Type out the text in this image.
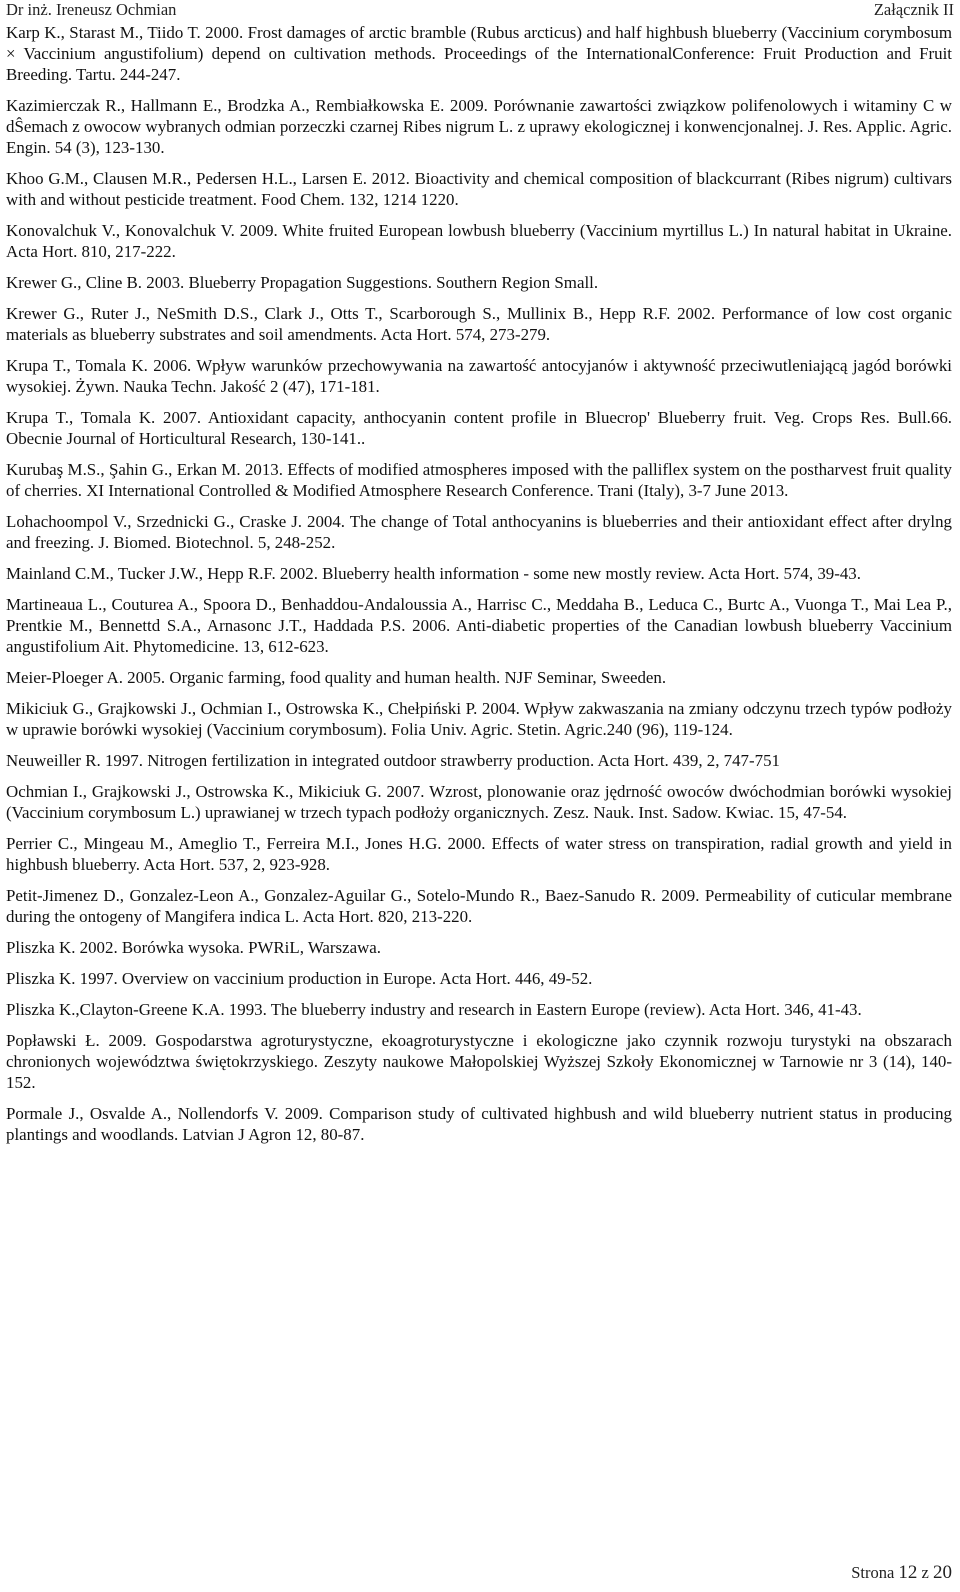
Dr inż. Ireneusz Ochmian	Załącznik II

Karp K., Starast M., Tiido T. 2000. Frost damages of arctic bramble (Rubus arcticus) and half highbush blueberry (Vaccinium corymbosum × Vaccinium angustifolium) depend on cultivation methods. Proceedings of the InternationalConference: Fruit Production and Fruit Breeding. Tartu. 244-247.

Kazimierczak R., Hallmann E., Brodzka A., Rembiałkowska E. 2009. Porównanie zawartości związkow polifenolowych i witaminy C w dŜemach z owocow wybranych odmian porzeczki czarnej Ribes nigrum L. z uprawy ekologicznej i konwencjonalnej. J. Res. Applic. Agric. Engin. 54 (3), 123-130.

Khoo G.M., Clausen M.R., Pedersen H.L., Larsen E. 2012. Bioactivity and chemical composition of blackcurrant (Ribes nigrum) cultivars with and without pesticide treatment. Food Chem. 132, 1214 1220.

Konovalchuk V., Konovalchuk V. 2009. White fruited European lowbush blueberry (Vaccinium myrtillus L.) In natural habitat in Ukraine. Acta Hort. 810, 217-222.

Krewer G., Cline B. 2003. Blueberry Propagation Suggestions. Southern Region Small.

Krewer G., Ruter J., NeSmith D.S., Clark J., Otts T., Scarborough S., Mullinix B., Hepp R.F. 2002. Performance of low cost organic materials as blueberry substrates and soil amendments. Acta Hort. 574, 273-279.

Krupa T., Tomala K. 2006. Wpływ warunków przechowywania na zawartość antocyjanów i aktywność przeciwutleniającą jagód borówki wysokiej. Żywn. Nauka Techn. Jakość 2 (47), 171-181.

Krupa T., Tomala K. 2007. Antioxidant capacity, anthocyanin content profile in Bluecrop' Blueberry fruit. Veg. Crops Res. Bull.66. Obecnie Journal of Horticultural Research, 130-141..

Kurubaş M.S., Şahin G., Erkan M. 2013. Effects of modified atmospheres imposed with the palliflex system on the postharvest fruit quality of cherries. XI International Controlled & Modified Atmosphere Research Conference. Trani (Italy), 3-7 June 2013.

Lohachoompol V., Srzednicki G., Craske J. 2004. The change of Total anthocyanins is blueberries and their antioxidant effect after drylng and freezing. J. Biomed. Biotechnol. 5, 248-252.

Mainland C.M., Tucker J.W., Hepp R.F. 2002. Blueberry health information - some new mostly review. Acta Hort. 574, 39-43.

Martineaua L., Couturea A., Spoora D., Benhaddou-Andaloussia A., Harrisc C., Meddaha B., Leduca C., Burtc A., Vuonga T., Mai Lea P., Prentkie M., Bennettd S.A., Arnasonc J.T., Haddada P.S. 2006. Anti-diabetic properties of the Canadian lowbush blueberry Vaccinium angustifolium Ait. Phytomedicine. 13, 612-623.

Meier-Ploeger A. 2005. Organic farming, food quality and human health. NJF Seminar, Sweeden.

Mikiciuk G., Grajkowski J., Ochmian I., Ostrowska K., Chełpiński P. 2004. Wpływ zakwaszania na zmiany odczynu trzech typów podłoży w uprawie borówki wysokiej (Vaccinium corymbosum). Folia Univ. Agric. Stetin. Agric.240 (96), 119-124.

Neuweiller R. 1997. Nitrogen fertilization in integrated outdoor strawberry production. Acta Hort. 439, 2, 747-751

Ochmian I., Grajkowski J., Ostrowska K., Mikiciuk G. 2007. Wzrost, plonowanie oraz jędrność owoców dwóchodmian borówki wysokiej (Vaccinium corymbosum L.) uprawianej w trzech typach podłoży organicznych. Zesz. Nauk. Inst. Sadow. Kwiac. 15, 47-54.

Perrier C., Mingeau M., Ameglio T., Ferreira M.I., Jones H.G. 2000. Effects of water stress on transpiration, radial growth and yield in highbush blueberry. Acta Hort. 537, 2, 923-928.

Petit-Jimenez D., Gonzalez-Leon A., Gonzalez-Aguilar G., Sotelo-Mundo R., Baez-Sanudo R. 2009. Permeability of cuticular membrane during the ontogeny of Mangifera indica L. Acta Hort. 820, 213-220.

Pliszka K. 2002. Borówka wysoka. PWRiL, Warszawa.

Pliszka K. 1997. Overview on vaccinium production in Europe. Acta Hort. 446, 49-52.

Pliszka K.,Clayton-Greene K.A. 1993. The blueberry industry and research in Eastern Europe (review). Acta Hort. 346, 41-43.

Popławski Ł. 2009. Gospodarstwa agroturystyczne, ekoagroturystyczne i ekologiczne jako czynnik rozwoju turystyki na obszarach chronionych województwa świętokrzyskiego. Zeszyty naukowe Małopolskiej Wyższej Szkoły Ekonomicznej w Tarnowie nr 3 (14), 140-152.

Pormale J., Osvalde A., Nollendorfs V. 2009. Comparison study of cultivated highbush and wild blueberry nutrient status in producing plantings and woodlands. Latvian J Agron 12, 80-87.

Strona 12 z 20
